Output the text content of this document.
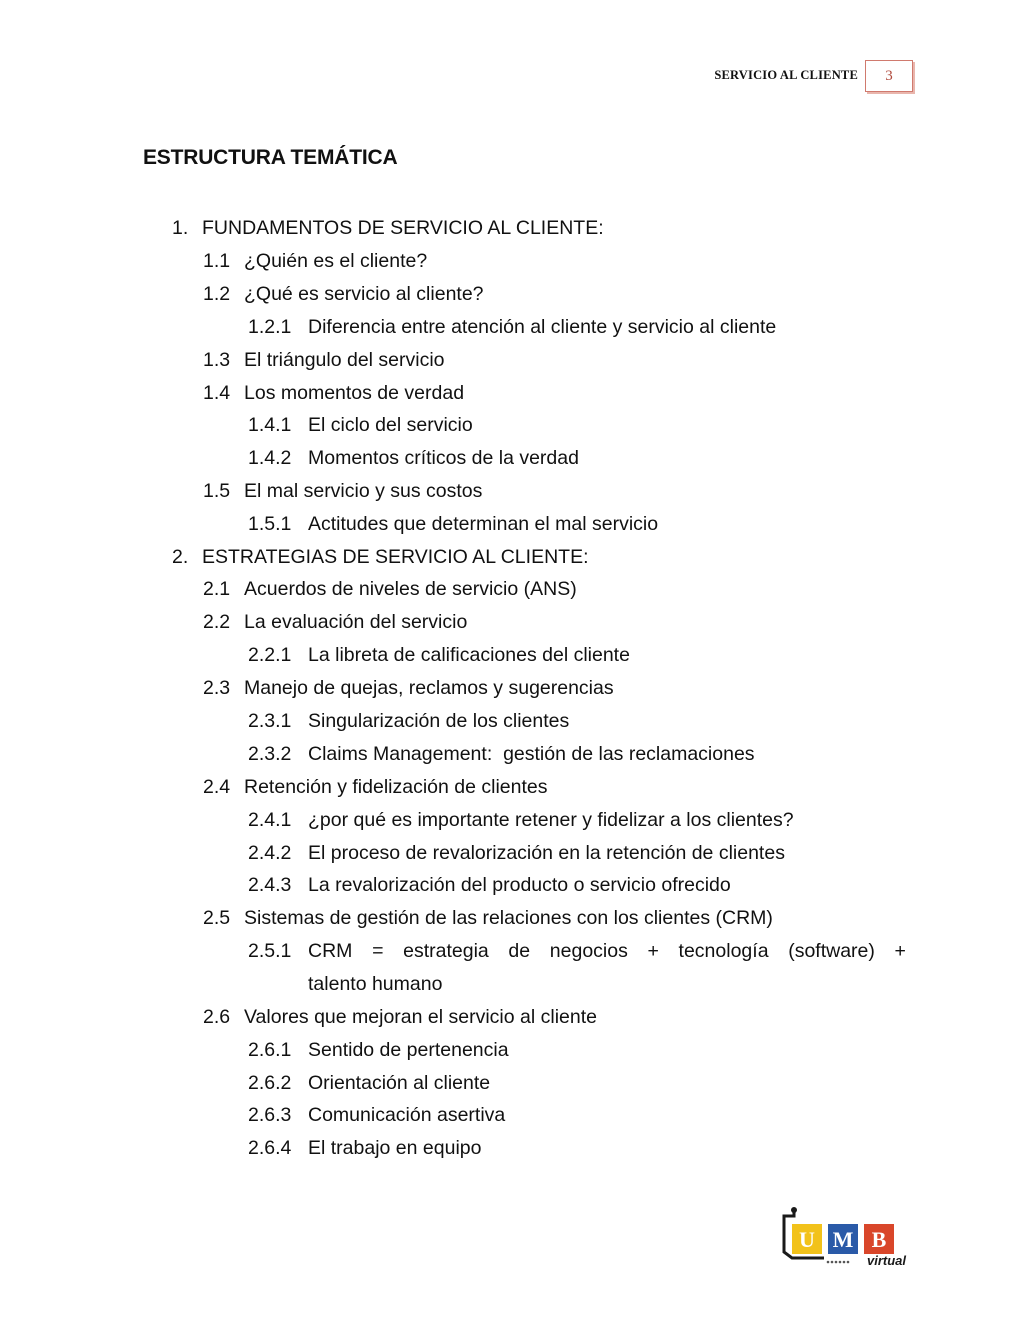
SERVICIO AL CLIENTE	3
ESTRUCTURA TEMÁTICA
1. FUNDAMENTOS DE SERVICIO AL CLIENTE:
1.1 ¿Quién es el cliente?
1.2 ¿Qué es servicio al cliente?
1.2.1 Diferencia entre atención al cliente y servicio al cliente
1.3 El triángulo del servicio
1.4 Los momentos de verdad
1.4.1 El ciclo del servicio
1.4.2 Momentos críticos de la verdad
1.5 El mal servicio y sus costos
1.5.1 Actitudes que determinan el mal servicio
2. ESTRATEGIAS DE SERVICIO AL CLIENTE:
2.1 Acuerdos de niveles de servicio (ANS)
2.2 La evaluación del servicio
2.2.1 La libreta de calificaciones del cliente
2.3 Manejo de quejas, reclamos y sugerencias
2.3.1 Singularización de los clientes
2.3.2 Claims Management:  gestión de las reclamaciones
2.4 Retención y fidelización de clientes
2.4.1 ¿por qué es importante retener y fidelizar a los clientes?
2.4.2 El proceso de revalorización en la retención de clientes
2.4.3 La revalorización del producto o servicio ofrecido
2.5 Sistemas de gestión de las relaciones con los clientes (CRM)
2.5.1 CRM = estrategia de negocios + tecnología (software) +
talento humano
2.6 Valores que mejoran el servicio al cliente
2.6.1 Sentido de pertenencia
2.6.2 Orientación al cliente
2.6.3 Comunicación asertiva
2.6.4 El trabajo en equipo
U M B
virtual
